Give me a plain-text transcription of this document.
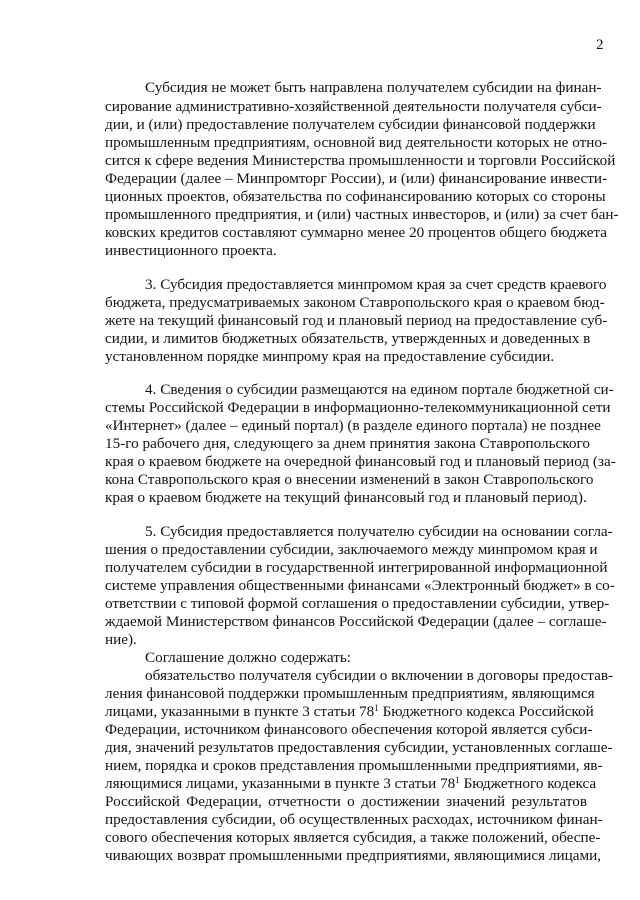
2
Субсидия не может быть направлена получателем субсидии на финан-
сирование административно-хозяйственной деятельности получателя субси-
дии, и (или) предоставление получателем субсидии финансовой поддержки
промышленным предприятиям, основной вид деятельности которых не отно-
сится к сфере ведения Министерства промышленности и торговли Российской
Федерации (далее – Минпромторг России), и (или) финансирование инвести-
ционных проектов, обязательства по софинансированию которых со стороны
промышленного предприятия, и (или) частных инвесторов, и (или) за счет бан-
ковских кредитов составляют суммарно менее 20 процентов общего бюджета
инвестиционного проекта.
3. Субсидия предоставляется минпромом края за счет средств краевого
бюджета, предусматриваемых законом Ставропольского края о краевом бюд-
жете на текущий финансовый год и плановый период на предоставление суб-
сидии, и лимитов бюджетных обязательств, утвержденных и доведенных в
установленном порядке минпрому края на предоставление субсидии.
4. Сведения о субсидии размещаются на едином портале бюджетной си-
стемы Российской Федерации в информационно-телекоммуникационной сети
«Интернет» (далее – единый портал) (в разделе единого портала) не позднее
15-го рабочего дня, следующего за днем принятия закона Ставропольского
края о краевом бюджете на очередной финансовый год и плановый период (за-
кона Ставропольского края о внесении изменений в закон Ставропольского
края о краевом бюджете на текущий финансовый год и плановый период).
5. Субсидия предоставляется получателю субсидии на основании согла-
шения о предоставлении субсидии, заключаемого между минпромом края и
получателем субсидии в государственной интегрированной информационной
системе управления общественными финансами «Электронный бюджет» в со-
ответствии с типовой формой соглашения о предоставлении субсидии, утвер-
ждаемой Министерством финансов Российской Федерации (далее – соглаше-
ние).
Соглашение должно содержать:
обязательство получателя субсидии о включении в договоры предостав-
ления финансовой поддержки промышленным предприятиям, являющимся
лицами, указанными в пункте 3 статьи $78^1$ Бюджетного кодекса Российской
Федерации, источником финансового обеспечения которой является субси-
дия, значений результатов предоставления субсидии, установленных соглаше-
нием, порядка и сроков представления промышленными предприятиями, яв-
ляющимися лицами, указанными в пункте 3 статьи $78^1$ Бюджетного кодекса
Российской Федерации, отчетности о достижении значений результатов
предоставления субсидии, об осуществленных расходах, источником финан-
сового обеспечения которых является субсидия, а также положений, обеспе-
чивающих возврат промышленными предприятиями, являющимися лицами,
